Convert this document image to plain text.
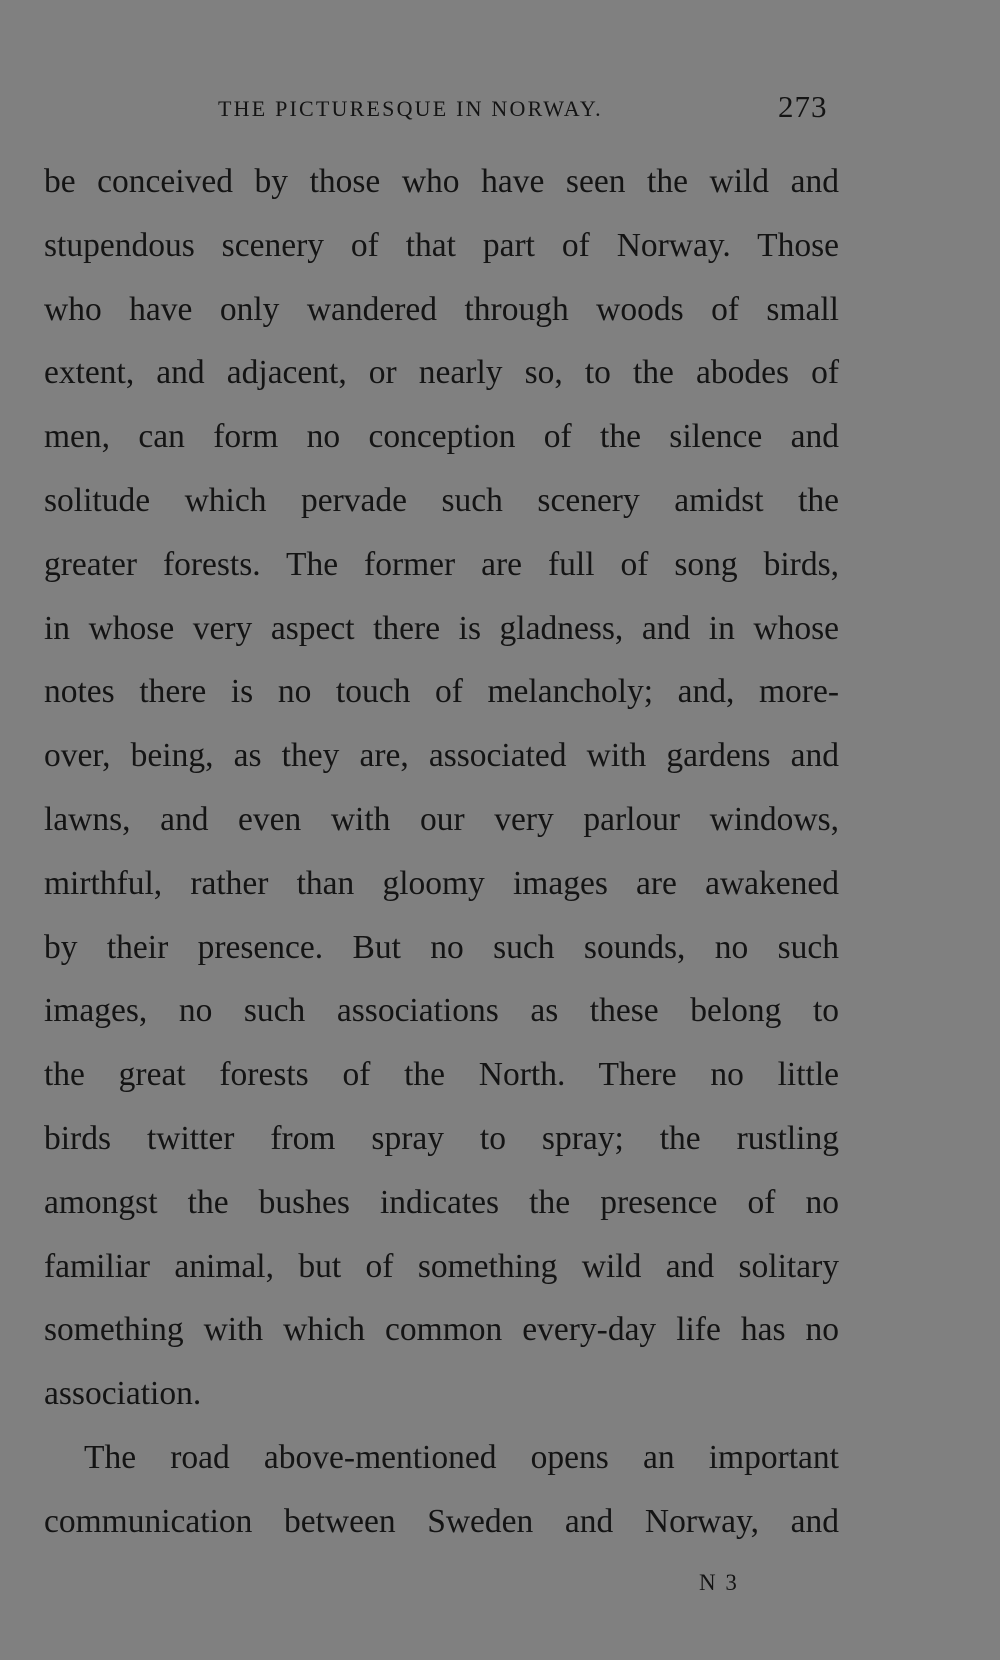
THE PICTURESQUE IN NORWAY.	273
be conceived by those who have seen the wild and
stupendous scenery of that part of Norway. Those
who have only wandered through woods of small
extent, and adjacent, or nearly so, to the abodes of
men, can form no conception of the silence and
solitude which pervade such scenery amidst the
greater forests. The former are full of song birds,
in whose very aspect there is gladness, and in whose
notes there is no touch of melancholy; and, more-
over, being, as they are, associated with gardens and
lawns, and even with our very parlour windows,
mirthful, rather than gloomy images are awakened
by their presence. But no such sounds, no such
images, no such associations as these belong to
the great forests of the North. There no little
birds twitter from spray to spray; the rustling
amongst the bushes indicates the presence of no
familiar animal, but of something wild and solitary
something with which common every-day life has no
association.
The road above-mentioned opens an important
communication between Sweden and Norway, and
N 3
